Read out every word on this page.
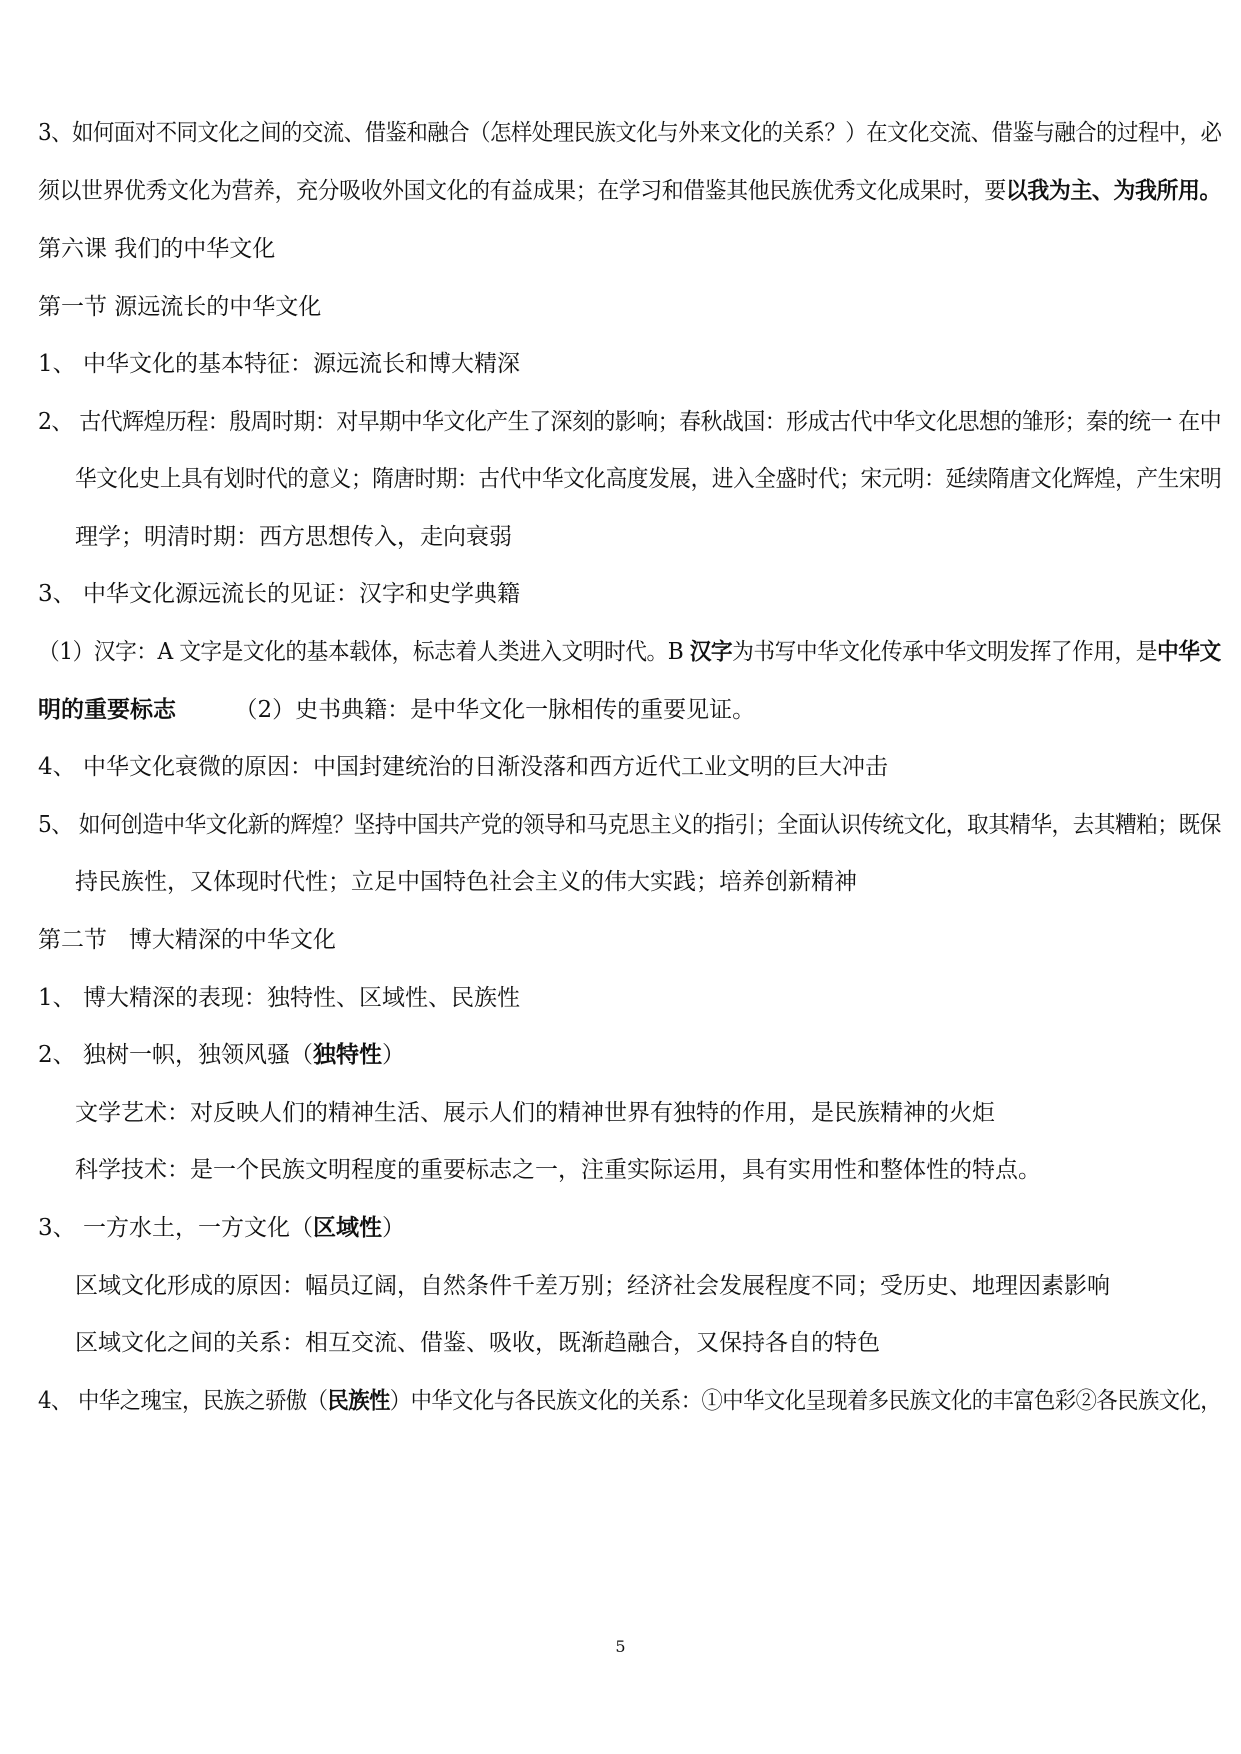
3、如何面对不同文化之间的交流、借鉴和融合（怎样处理民族文化与外来文化的关系？）在文化交流、借鉴与融合的过程中，必
须以世界优秀文化为营养，充分吸收外国文化的有益成果；在学习和借鉴其他民族优秀文化成果时，要以我为主、为我所用。
第六课 我们的中华文化
第一节 源远流长的中华文化
1、 中华文化的基本特征：源远流长和博大精深
2、 古代辉煌历程：殷周时期：对早期中华文化产生了深刻的影响；春秋战国：形成古代中华文化思想的雏形；秦的统一 在中
华文化史上具有划时代的意义；隋唐时期：古代中华文化高度发展，进入全盛时代；宋元明：延续隋唐文化辉煌，产生宋明
理学；明清时期：西方思想传入，走向衰弱
3、 中华文化源远流长的见证：汉字和史学典籍
（1）汉字：A 文字是文化的基本载体，标志着人类进入文明时代。B 汉字为书写中华文化传承中华文明发挥了作用，是中华文
明的重要标志        （2）史书典籍：是中华文化一脉相传的重要见证。
4、 中华文化衰微的原因：中国封建统治的日渐没落和西方近代工业文明的巨大冲击
5、 如何创造中华文化新的辉煌？坚持中国共产党的领导和马克思主义的指引；全面认识传统文化，取其精华，去其糟粕；既保
持民族性，又体现时代性；立足中国特色社会主义的伟大实践；培养创新精神
第二节   博大精深的中华文化
1、 博大精深的表现：独特性、区域性、民族性
2、 独树一帜，独领风骚（独特性）
文学艺术：对反映人们的精神生活、展示人们的精神世界有独特的作用，是民族精神的火炬
科学技术：是一个民族文明程度的重要标志之一，注重实际运用，具有实用性和整体性的特点。
3、 一方水土，一方文化（区域性）
区域文化形成的原因：幅员辽阔，自然条件千差万别；经济社会发展程度不同；受历史、地理因素影响
区域文化之间的关系：相互交流、借鉴、吸收，既渐趋融合，又保持各自的特色
4、 中华之瑰宝，民族之骄傲（民族性）中华文化与各民族文化的关系：①中华文化呈现着多民族文化的丰富色彩②各民族文化，
5
